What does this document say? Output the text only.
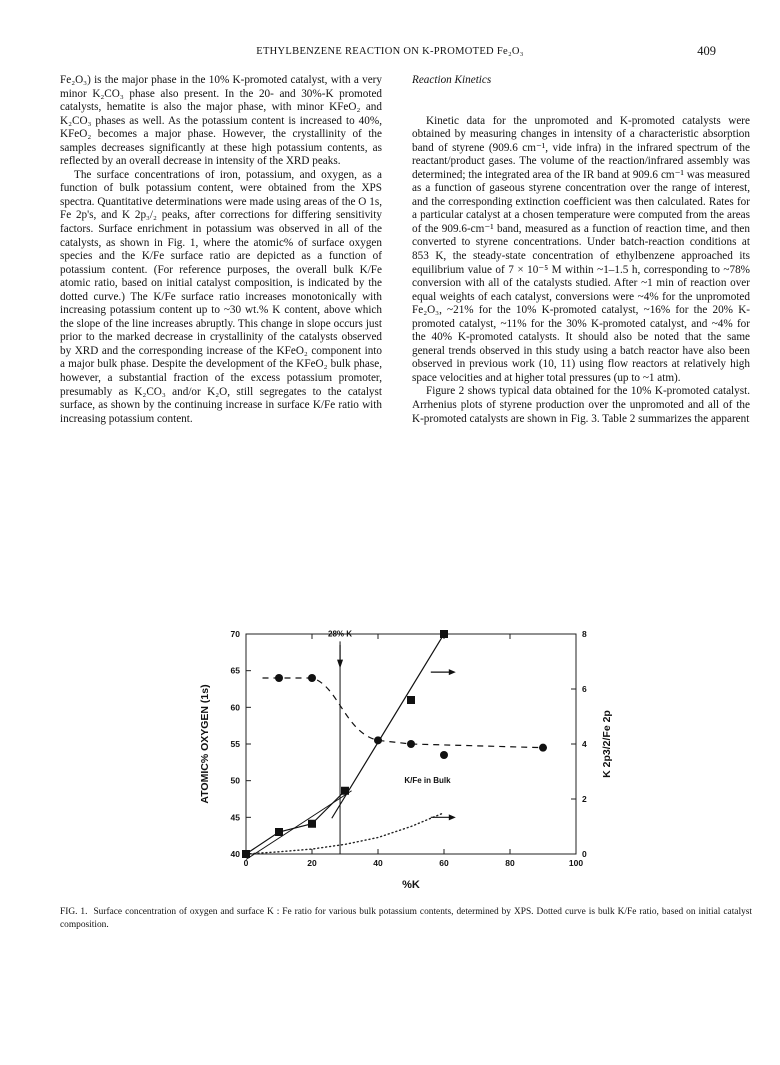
ETHYLBENZENE REACTION ON K-PROMOTED Fe₂O₃	409

Fe₂O₃) is the major phase in the 10% K-promoted catalyst, with a very minor K₂CO₃ phase also present. In the 20- and 30%-K promoted catalysts, hematite is also the major phase, with minor KFeO₂ and K₂CO₃ phases as well. As the potassium content is increased to 40%, KFeO₂ becomes a major phase. However, the crystallinity of the samples decreases significantly at these high potassium contents, as reflected by an overall decrease in intensity of the XRD peaks.

The surface concentrations of iron, potassium, and oxygen, as a function of bulk potassium content, were obtained from the XPS spectra. Quantitative determinations were made using areas of the O 1s, Fe 2p's, and K 2p₃/₂ peaks, after corrections for differing sensitivity factors. Surface enrichment in potassium was observed in all of the catalysts, as shown in Fig. 1, where the atomic% of surface oxygen species and the K/Fe surface ratio are depicted as a function of potassium content. (For reference purposes, the overall bulk K/Fe atomic ratio, based on initial catalyst composition, is indicated by the dotted curve.) The K/Fe surface ratio increases monotonically with increasing potassium content up to ~30 wt.% K content, above which the slope of the line increases abruptly. This change in slope occurs just prior to the marked decrease in crystallinity of the catalysts observed by XRD and the corresponding increase of the KFeO₂ component into a major bulk phase. Despite the development of the KFeO₂ bulk phase, however, a substantial fraction of the excess potassium promoter, presumably as K₂CO₃ and/or K₂O, still segregates to the catalyst surface, as shown by the continuing increase in surface K/Fe ratio with increasing potassium content.

Reaction Kinetics

Kinetic data for the unpromoted and K-promoted catalysts were obtained by measuring changes in intensity of a characteristic absorption band of styrene (909.6 cm⁻¹, vide infra) in the infrared spectrum of the reactant/product gases. The volume of the reaction/infrared assembly was determined; the integrated area of the IR band at 909.6 cm⁻¹ was measured as a function of gaseous styrene concentration over the range of interest, and the corresponding extinction coefficient was then calculated. Rates for a particular catalyst at a chosen temperature were computed from the areas of the 909.6-cm⁻¹ band, measured as a function of reaction time, and then converted to styrene concentrations. Under batch-reaction conditions at 853 K, the steady-state concentration of ethylbenzene approached its equilibrium value of 7 × 10⁻⁵ M within ~1–1.5 h, corresponding to ~78% conversion with all of the catalysts studied. After ~1 min of reaction over equal weights of each catalyst, conversions were ~4% for the unpromoted Fe₂O₃, ~21% for the 10% K-promoted catalyst, ~16% for the 20% K-promoted catalyst, ~11% for the 30% K-promoted catalyst, and ~4% for the 40% K-promoted catalysts. It should also be noted that the same general trends observed in this study using a batch reactor have also been observed in previous work (10, 11) using flow reactors at relatively high space velocities and at higher total pressures (up to ~1 atm).

Figure 2 shows typical data obtained for the 10% K-promoted catalyst. Arrhenius plots of styrene production over the unpromoted and all of the K-promoted catalysts are shown in Fig. 3. Table 2 summarizes the apparent

0	20	40	60	80	100
40
45
50
55
60
65
70
0
2
4
6
8
%K
ATOMIC% OXYGEN (1s)	K 2p3/2/Fe 2p
28% K
K/Fe in Bulk
FIG. 1. Surface concentration of oxygen and surface K : Fe ratio for various bulk potassium contents, determined by XPS. Dotted curve is bulk K/Fe ratio, based on initial catalyst composition.
